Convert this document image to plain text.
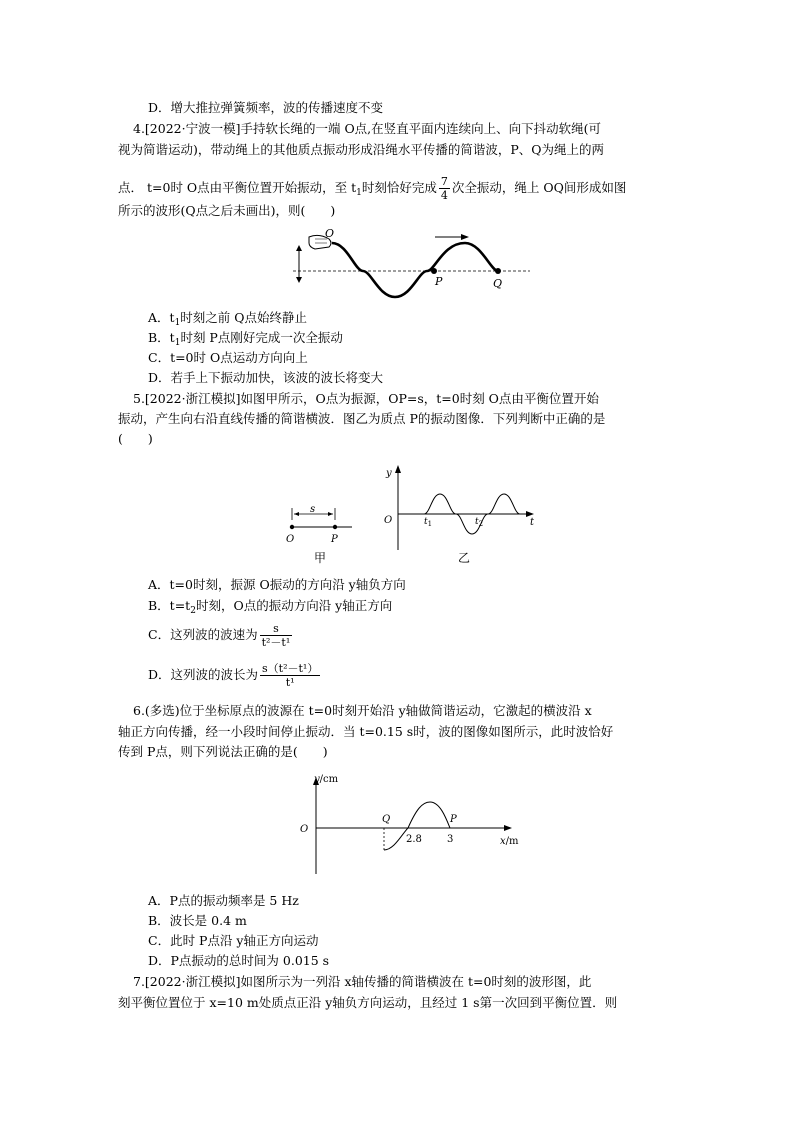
D．增大推拉弹簧频率，波的传播速度不变
4.[2022·宁波一模]手持软长绳的一端 O点,在竖直平面内连续向上、向下抖动软绳(可
视为简谐运动)，带动绳上的其他质点振动形成沿绳水平传播的简谐波，P、Q为绳上的两
点． t=0时 O点由平衡位置开始振动，至 $t_1$时刻恰好完成 $\frac{7}{4}$ 次全振动，绳上 OQ间形成如图
所示的波形(Q点之后未画出)，则(　　)
O
P	Q
A．$t_1$时刻之前 Q点始终静止
B．$t_1$时刻 P点刚好完成一次全振动
C．t=0时 O点运动方向向上
D．若手上下振动加快，该波的波长将变大
5.[2022·浙江模拟]如图甲所示，O点为振源，OP=s，t=0时刻 O点由平衡位置开始
振动，产生向右沿直线传播的简谐横波．图乙为质点 P的振动图像．下列判断中正确的是
(　　)
s
O	P
甲
y
O	$t_1$	$t_2$	t
乙
A．t=0时刻，振源 O振动的方向沿 y轴负方向
B．$t=t_2$时刻，O点的振动方向沿 y轴正方向
C．这列波的波速为 $\frac{s}{\text{t²－t¹}}$
D．这列波的波长为 $\frac{\text{s（t²－t¹）}}{\text{t¹}}$
6.(多选)位于坐标原点的波源在 t=0时刻开始沿 y轴做简谐运动，它激起的横波沿 x
轴正方向传播，经一小段时间停止振动．当 t=0.15 s时，波的图像如图所示，此时波恰好
传到 P点，则下列说法正确的是(　　)
y/cm
O
Q	P
2.8	3	x/m
A．P点的振动频率是 5 Hz
B．波长是 0.4 m
C．此时 P点沿 y轴正方向运动
D．P点振动的总时间为 0.015 s
7.[2022·浙江模拟]如图所示为一列沿 x轴传播的简谐横波在 t=0时刻的波形图，此
刻平衡位置位于 x=10 m处质点正沿 y轴负方向运动，且经过 1 s第一次回到平衡位置．则
